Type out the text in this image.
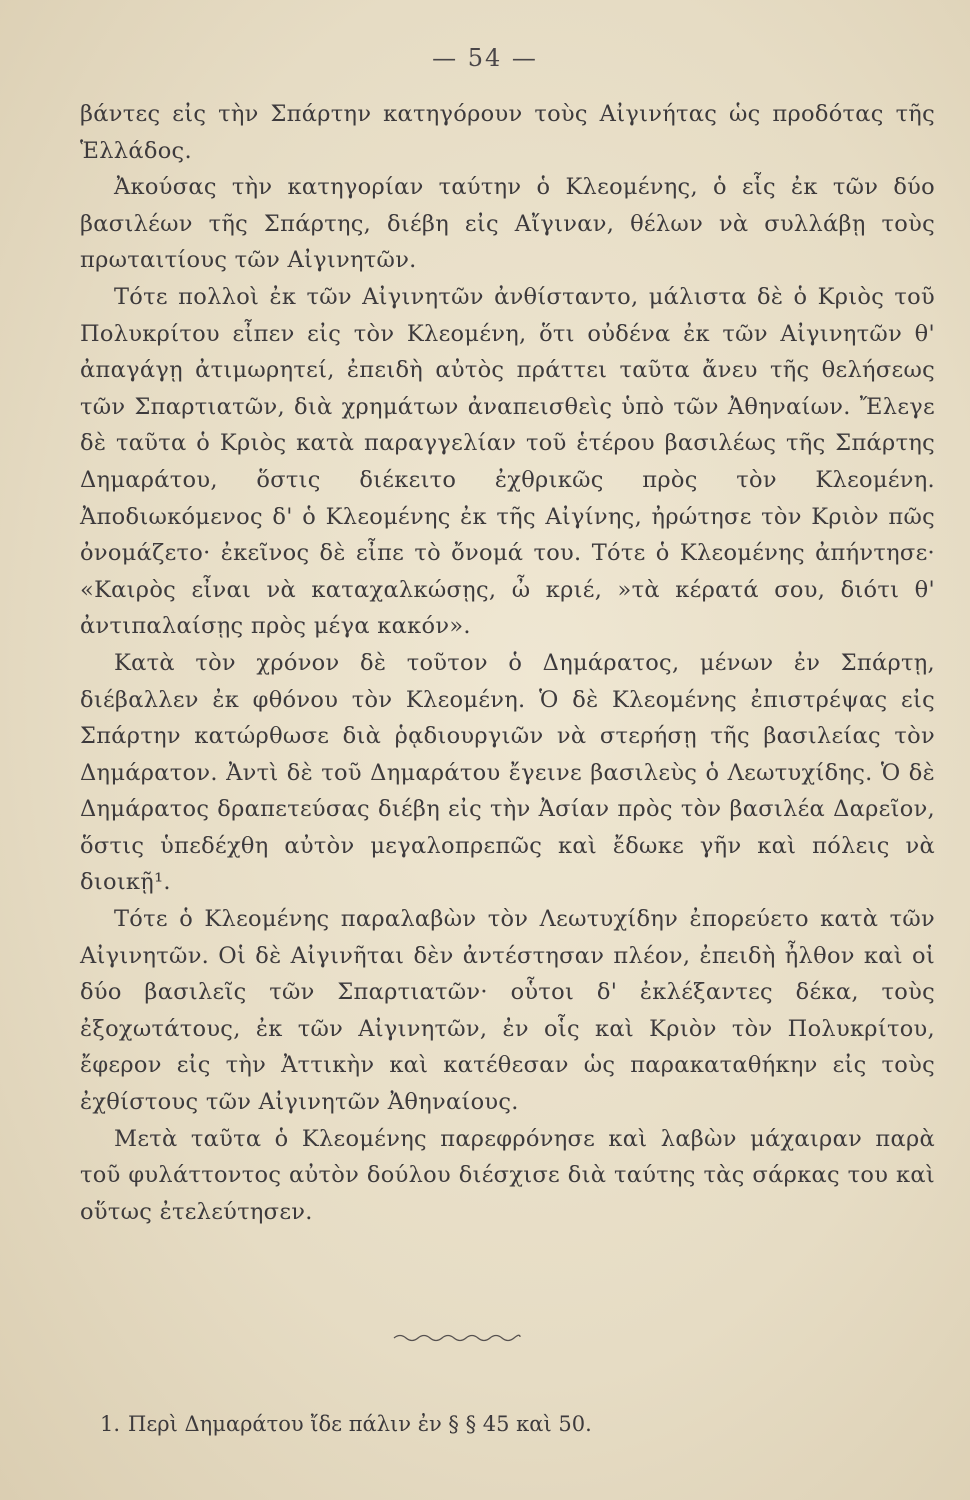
— 54 —

βάντες εἰς τὴν Σπάρτην κατηγόρουν τοὺς Αἰγινήτας ὡς προδότας τῆς Ἑλλάδος.

Ἀκούσας τὴν κατηγορίαν ταύτην ὁ Κλεομένης, ὁ εἷς ἐκ τῶν δύο βασιλέων τῆς Σπάρτης, διέβη εἰς Αἴγιναν, θέλων νὰ συλλάβῃ τοὺς πρωταιτίους τῶν Αἰγινητῶν.

Τότε πολλοὶ ἐκ τῶν Αἰγινητῶν ἀνθίσταντο, μάλιστα δὲ ὁ Κριὸς τοῦ Πολυκρίτου εἶπεν εἰς τὸν Κλεομένη, ὅτι οὐδένα ἐκ τῶν Αἰγινητῶν θ' ἀπαγάγῃ ἀτιμωρητεί, ἐπειδὴ αὐτὸς πράττει ταῦτα ἄνευ τῆς θελήσεως τῶν Σπαρτιατῶν, διὰ χρημάτων ἀναπεισθεὶς ὑπὸ τῶν Ἀθηναίων. Ἔλεγε δὲ ταῦτα ὁ Κριὸς κατὰ παραγγελίαν τοῦ ἑτέρου βασιλέως τῆς Σπάρτης Δημαράτου, ὅστις διέκειτο ἐχθρικῶς πρὸς τὸν Κλεομένη. Ἀποδιωκόμενος δ' ὁ Κλεομένης ἐκ τῆς Αἰγίνης, ἠρώτησε τὸν Κριὸν πῶς ὀνομάζετο· ἐκεῖνος δὲ εἶπε τὸ ὄνομά του. Τότε ὁ Κλεομένης ἀπήντησε· «Καιρὸς εἶναι νὰ καταχαλκώσῃς, ὦ κριέ, »τὰ κέρατά σου, διότι θ' ἀντιπαλαίσῃς πρὸς μέγα κακόν».

Κατὰ τὸν χρόνον δὲ τοῦτον ὁ Δημάρατος, μένων ἐν Σπάρτῃ, διέβαλλεν ἐκ φθόνου τὸν Κλεομένη. Ὁ δὲ Κλεομένης ἐπιστρέψας εἰς Σπάρτην κατώρθωσε διὰ ῥᾳδιουργιῶν νὰ στερήσῃ τῆς βασιλείας τὸν Δημάρατον. Ἀντὶ δὲ τοῦ Δημαράτου ἔγεινε βασιλεὺς ὁ Λεωτυχίδης. Ὁ δὲ Δημάρατος δραπετεύσας διέβη εἰς τὴν Ἀσίαν πρὸς τὸν βασιλέα Δαρεῖον, ὅστις ὑπεδέχθη αὐτὸν μεγαλοπρεπῶς καὶ ἔδωκε γῆν καὶ πόλεις νὰ διοικῇ¹.

Τότε ὁ Κλεομένης παραλαβὼν τὸν Λεωτυχίδην ἐπορεύετο κατὰ τῶν Αἰγινητῶν. Οἱ δὲ Αἰγινῆται δὲν ἀντέστησαν πλέον, ἐπειδὴ ἦλθον καὶ οἱ δύο βασιλεῖς τῶν Σπαρτιατῶν· οὗτοι δ' ἐκλέξαντες δέκα, τοὺς ἐξοχωτάτους, ἐκ τῶν Αἰγινητῶν, ἐν οἷς καὶ Κριὸν τὸν Πολυκρίτου, ἔφερον εἰς τὴν Ἀττικὴν καὶ κατέθεσαν ὡς παρακαταθήκην εἰς τοὺς ἐχθίστους τῶν Αἰγινητῶν Ἀθηναίους.

Μετὰ ταῦτα ὁ Κλεομένης παρεφρόνησε καὶ λαβὼν μάχαιραν παρὰ τοῦ φυλάττοντος αὐτὸν δούλου διέσχισε διὰ ταύτης τὰς σάρκας του καὶ οὕτως ἐτελεύτησεν.

1. Περὶ Δημαράτου ἴδε πάλιν ἐν § § 45 καὶ 50.
